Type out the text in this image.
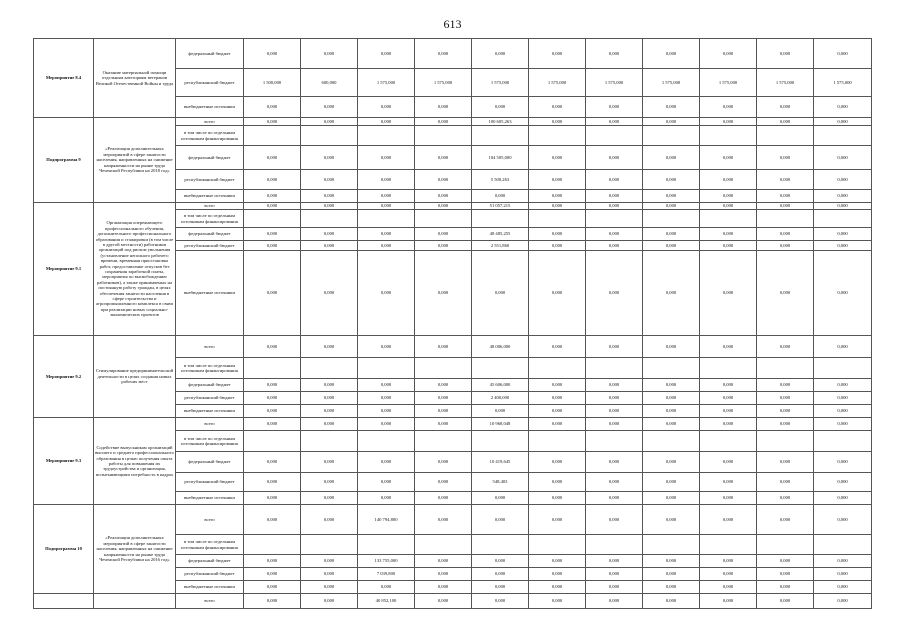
613
Мероприятие 8.4	Оказание материальной помощи отдельным категориям ветеранов Великой Отечественной Войны и труда	федеральный бюджет	0,000	0,000	0,000	0,000	0,000	0,000	0,000	0,000	0,000	0,000	0,000
		республиканский бюджет	1 500,000	600,000	1 575,000	1 575,000	1 575,000	1 575,000	1 575,000	1 575,000	1 575,000	1 575,000	1 575,000
		внебюджетные источники	0,000	0,000	0,000	0,000	0,000	0,000	0,000	0,000	0,000	0,000	0,000
Подпрограмма 9	«Реализация дополнительных мероприятий в сфере занятости населения, направленных на снижение напряженности на рынке труда Чеченской Республики на 2018 год»	всего	0,000	0,000	0,000	0,000	100 605,263	0,000	0,000	0,000	0,000	0,000	0,000
		в том числе по отдельным источникам финансирования											
		федеральный бюджет	0,000	0,000	0,000	0,000	104 505,000	0,000	0,000	0,000	0,000	0,000	0,000
		республиканский бюджет	0,000	0,000	0,000	0,000	5 500,263	0,000	0,000	0,000	0,000	0,000	0,000
		внебюджетные источники	0,000	0,000	0,000	0,000	0,000	0,000	0,000	0,000	0,000	0,000	0,000
Мероприятие 9.1	Организация опережающего профессионального обучения, дополнительного профессионального образования и стажировки (в том числе в другой местности) работников организаций под риском увольнения (установление неполного рабочего времени, временная приостановка работ, предоставление отпусков без сохранения заработной платы, мероприятия по высвобождению работников), а также принимаемых на постоянную работу граждан, в целях обеспечения занятости населения в сфере строительства и агропромышленного комплекса в связи при реализации новых социально-экономических проектов	всего	0,000	0,000	0,000	0,000	51 057,215	0,000	0,000	0,000	0,000	0,000	0,000
		в том числе по отдельным источникам финансирования											
		федеральный бюджет	0,000	0,000	0,000	0,000	48 485,255	0,000	0,000	0,000	0,000	0,000	0,000
		республиканский бюджет	0,000	0,000	0,000	0,000	2 551,860	0,000	0,000	0,000	0,000	0,000	0,000
		внебюджетные источники	0,000	0,000	0,000	0,000	0,000	0,000	0,000	0,000	0,000	0,000	0,000
Мероприятие 9.2	Стимулирование предпринимательской деятельности в целях создания новых рабочих мест	всего	0,000	0,000	0,000	0,000	48 006,000	0,000	0,000	0,000	0,000	0,000	0,000
		в том числе по отдельным источникам финансирования											
		федеральный бюджет	0,000	0,000	0,000	0,000	45 606,000	0,000	0,000	0,000	0,000	0,000	0,000
		республиканский бюджет	0,000	0,000	0,000	0,000	2 400,000	0,000	0,000	0,000	0,000	0,000	0,000
		внебюджетные источники	0,000	0,000	0,000	0,000	0,000	0,000	0,000	0,000	0,000	0,000	0,000
Мероприятие 9.3	Содействие выпускникам организаций высшего и среднего профессионального образования в целью получения опыта работы для повышения их трудоустройства и организация, испытывающими потребность в кадрах	всего	0,000	0,000	0,000	0,000	10 968,048	0,000	0,000	0,000	0,000	0,000	0,000
		в том числе по отдельным источникам финансирования											
		федеральный бюджет	0,000	0,000	0,000	0,000	10 419,645	0,000	0,000	0,000	0,000	0,000	0,000
		республиканский бюджет	0,000	0,000	0,000	0,000	548,403	0,000	0,000	0,000	0,000	0,000	0,000
		внебюджетные источники	0,000	0,000	0,000	0,000	0,000	0,000	0,000	0,000	0,000	0,000	0,000
Подпрограмма 10	«Реализация дополнительных мероприятий в сфере занятости населения, направленных на снижение напряженности на рынке труда Чеченской Республики на 2016 год»	всего	0,000	0,000	140 794,800	0,000	0,000	0,000	0,000	0,000	0,000	0,000	0,000
		в том числе по отдельным источникам финансирования											
		федеральный бюджет	0,000	0,000	133 755,000	0,000	0,000	0,000	0,000	0,000	0,000	0,000	0,000
		республиканский бюджет	0,000	0,000	7 039,800	0,000	0,000	0,000	0,000	0,000	0,000	0,000	0,000
		внебюджетные источники	0,000	0,000	0,000	0,000	0,000	0,000	0,000	0,000	0,000	0,000	0,000
		всего	0,000	0,000	40 852,100	0,000	0,000	0,000	0,000	0,000	0,000	0,000	0,000
